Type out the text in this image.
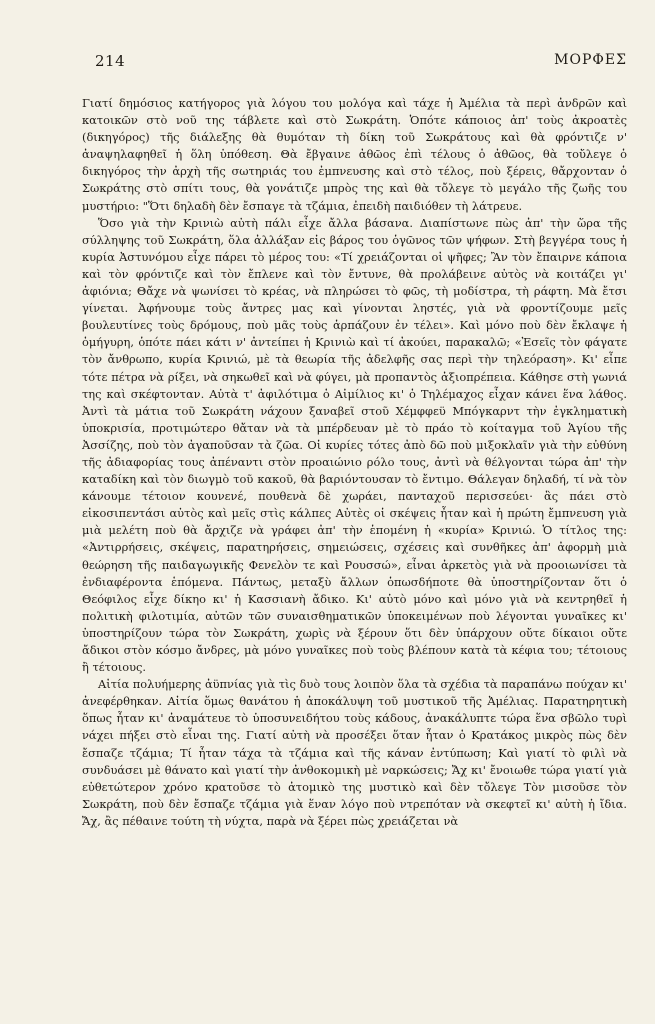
214	ΜΟΡΦΕΣ

Γιατί δημόσιος κατήγορος γιὰ λόγου του μολόγα καὶ τάχε ἡ Ἀμέλια τὰ περὶ ἀνδρῶν καὶ κατοικῶν στὸ νοῦ της τάβλετε καὶ στὸ Σωκράτη. Ὁπότε κάποιος ἀπ' τοὺς ἀκροατὲς (δικηγόρος) τῆς διάλεξης θὰ θυμόταν τὴ δίκη τοῦ Σωκράτους καὶ θὰ φρόντιζε ν' ἀναψηλαφηθεῖ ἡ ὅλη ὑπόθεση. Θὰ ἔβγαινε ἀθῶος ἐπὶ τέλους ὁ ἀθῶος, θὰ τοὔλεγε ὁ δικηγόρος τὴν ἀρχὴ τῆς σωτηριάς του ἐμπνευσης καὶ στὸ τέλος, ποὺ ξέρεις, θἄρχονταν ὁ Σωκράτης στὸ σπίτι τους, θὰ γονάτιζε μπρὸς της καὶ θὰ τὄλεγε τὸ μεγάλο τῆς ζωῆς του μυστήριο: "Ὅτι δηλαδὴ δὲν ἔσπαγε τὰ τζάμια, ἐπειδὴ παιδιόθεν τὴ λάτρευε.

Ὅσο γιὰ τὴν Κρινιὼ αὐτὴ πάλι εἶχε ἄλλα βάσανα. Διαπίστωνε πὼς ἀπ' τὴν ὥρα τῆς σύλληψης τοῦ Σωκράτη, ὅλα ἀλλάξαν εἰς βάρος του ὁγῶνος τῶν ψήφων. Στὴ βεγγέρα τους ἡ κυρία Ἀστυνόμου εἶχε πάρει τὸ μέρος του: «Τί χρειάζονται οἱ ψῆφες; Ἂν τὸν ἔπαιρνε κάποια καὶ τὸν φρόντιζε καὶ τὸν ἔπλενε καὶ τὸν ἔντυνε, θὰ προλάβεινε αὐτὸς νὰ κοιτάζει γι' ἀφιόνια; Θἄχε νὰ ψωνίσει τὸ κρέας, νὰ πληρώσει τὸ φῶς, τὴ μοδίστρα, τὴ ράφτη. Μὰ ἔτσι γίνεται. Ἀφήνουμε τοὺς ἄντρες μας καὶ γίνονται ληστές, γιὰ νὰ φροντίζουμε μεῖς βουλευτίνες τοὺς δρόμους, ποὺ μᾶς τοὺς ἁρπάζουν ἐν τέλει». Καὶ μόνο ποὺ δὲν ἔκλαψε ἡ ὁμήγυρη, ὁπότε πάει κάτι ν' ἀντείπει ἡ Κρινιὼ καὶ τί ἀκούει, παρακαλῶ; «Ἐσεῖς τὸν φάγατε τὸν ἄνθρωπο, κυρία Κρινιώ, μὲ τὰ θεωρία τῆς ἀδελφῆς σας περὶ τὴν τηλεόραση». Κι' εἶπε τότε πέτρα νὰ ρίξει, νὰ σηκωθεῖ καὶ νὰ φύγει, μὰ προπαντὸς ἀξιοπρέπεια. Κάθησε στὴ γωνιά της καὶ σκέφτονταν. Αὐτὰ τ' ἀφιλότιμα ὁ Αἰμίλιος κι' ὁ Τηλέμαχος εἶχαν κάνει ἕνα λάθος. Ἀντὶ τὰ μάτια τοῦ Σωκράτη νάχουν ξαναβεῖ στοῦ Χέμφφεϋ Μπόγκαρντ τὴν ἐγκληματικὴ ὑποκρισία, προτιμώτερο θἄταν νὰ τὰ μπέρδευαν μὲ τὸ πράο τὸ κοίταγμα τοῦ Ἁγίου τῆς Ἀσσίζης, ποὺ τὸν ἀγαποῦσαν τὰ ζῶα. Οἱ κυρίες τότες ἀπὸ δῶ ποὺ μιξοκλαῖν γιὰ τὴν εὐθύνη τῆς ἀδιαφορίας τους ἀπέναντι στὸν προαιώνιο ρόλο τους, ἀντὶ νὰ θέλγονται τώρα ἀπ' τὴν καταδίκη καὶ τὸν διωγμὸ τοῦ κακοῦ, θὰ βαριόντουσαν τὸ ἔντιμο. Θάλεγαν δηλαδή, τί νὰ τὸν κάνουμε τέτοιον κουνενέ, πουθενὰ δὲ χωράει, πανταχοῦ περισσεύει· ἂς πάει στὸ εἰκοσιπεντάσι αὐτὸς καὶ μεῖς στὶς κάλπες Αὐτὲς οἱ σκέψεις ἦταν καὶ ἡ πρώτη ἔμπνευση γιὰ μιὰ μελέτη ποὺ θὰ ἄρχιζε νὰ γράφει ἀπ' τὴν ἑπομένη ἡ «κυρία» Κρινιώ. Ὁ τίτλος της: «Ἀντιρρήσεις, σκέψεις, παρατηρήσεις, σημειώσεις, σχέσεις καὶ συνθῆκες ἀπ' ἀφορμὴ μιὰ θεώρηση τῆς παιδαγωγικῆς Φενελὸν τε καὶ Ρουσσώ», εἶναι ἀρκετὸς γιὰ νὰ προοιωνίσει τὰ ἐνδιαφέροντα ἑπόμενα. Πάντως, μεταξὺ ἄλλων ὁπωσδήποτε θὰ ὑποστηρίζονταν ὅτι ὁ Θεόφιλος εἶχε δίκηο κι' ἡ Κασσιανὴ ἄδικο. Κι' αὐτὸ μόνο καὶ μόνο γιὰ νὰ κεντρηθεῖ ἡ πολιτικὴ φιλοτιμία, αὐτῶν τῶν συναισθηματικῶν ὑποκειμένων ποὺ λέγονται γυναῖκες κι' ὑποστηρίζουν τώρα τὸν Σωκράτη, χωρὶς νὰ ξέρουν ὅτι δὲν ὑπάρχουν οὔτε δίκαιοι οὔτε ἄδικοι στὸν κόσμο ἄνδρες, μὰ μόνο γυναῖκες ποὺ τοὺς βλέπουν κατὰ τὰ κέφια του; τέτοιους ἢ τέτοιους.

Αἰτία πολυήμερης ἀϋπνίας γιὰ τὶς δυὸ τους λοιπὸν ὅλα τὰ σχέδια τὰ παραπάνω πούχαν κι' ἀνεφέρθηκαν. Αἰτία ὅμως θανάτου ἡ ἀποκάλυψη τοῦ μυστικοῦ τῆς Ἀμέλιας. Παρατηρητικὴ ὅπως ἦταν κι' ἀναμάτευε τὸ ὑποσυνειδήτου τοὺς κάδους, ἀνακάλυπτε τώρα ἕνα σβῶλο τυρὶ νάχει πήξει στὸ εἶναι της. Γιατί αὐτὴ νὰ προσέξει ὅταν ἦταν ὁ Κρατάκος μικρὸς πὼς δὲν ἔσπαζε τζάμια; Τί ἦταν τάχα τὰ τζάμια καὶ τῆς κάναν ἐντύπωση; Καὶ γιατί τὸ φιλὶ νὰ συνδυάσει μὲ θάνατο καὶ γιατί τὴν ἀνθοκομικὴ μὲ ναρκώσεις; Ἄχ κι' ἔνοιωθε τώρα γιατί γιὰ εὐθετώτερον χρόνο κρατοῦσε τὸ ἀτομικὸ της μυστικὸ καὶ δὲν τὄλεγε Τὸν μισοῦσε τὸν Σωκράτη, ποὺ δὲν ἔσπαζε τζάμια γιὰ ἕναν λόγο ποὺ ντρεπόταν νὰ σκεφτεῖ κι' αὐτὴ ἡ ἴδια. Ἄχ, ἂς πέθαινε τούτη τὴ νύχτα, παρὰ νὰ ξέρει πὼς χρειάζεται νὰ
